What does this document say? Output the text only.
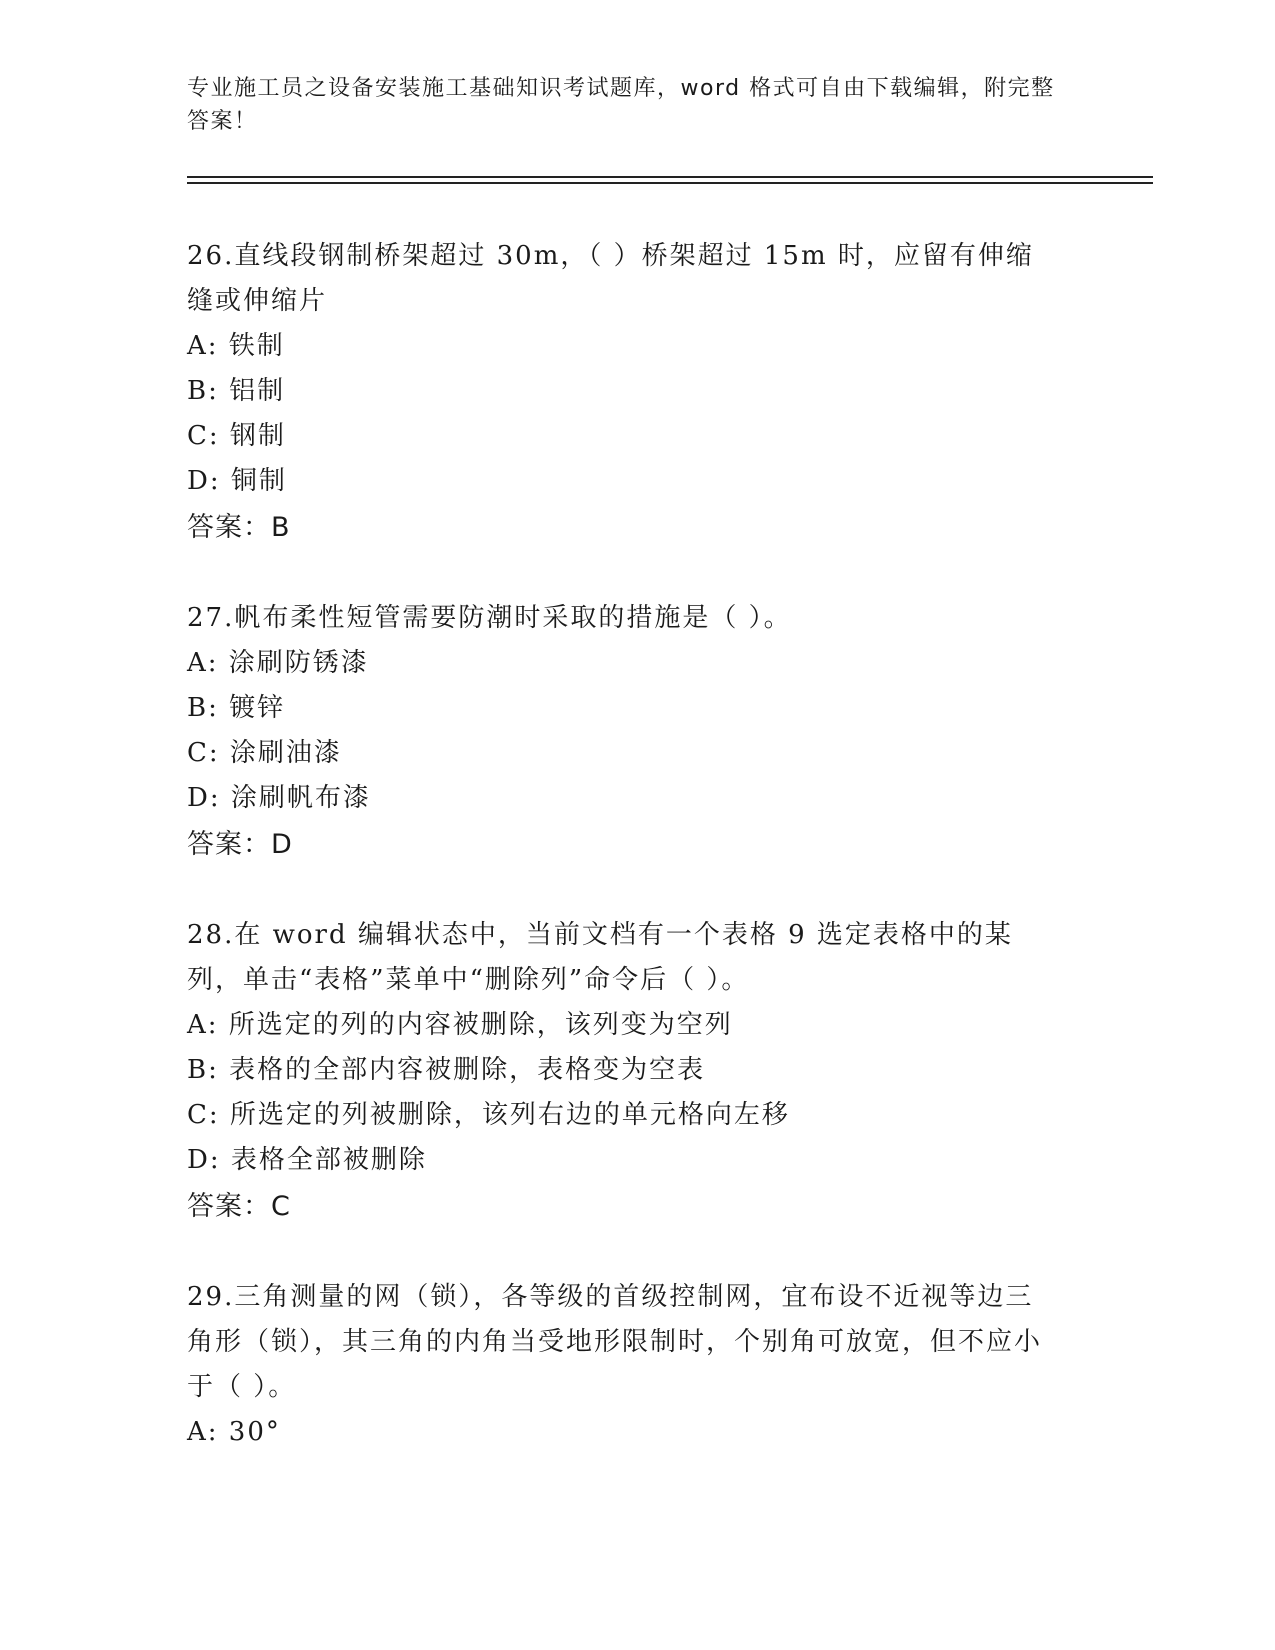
专业施工员之设备安装施工基础知识考试题库，word 格式可自由下载编辑，附完整答案！

26.直线段钢制桥架超过 30m，（ ）桥架超过 15m 时，应留有伸缩缝或伸缩片

A: 铁制

B: 铝制

C: 钢制

D: 铜制

答案：B

27.帆布柔性短管需要防潮时采取的措施是（ ）。

A: 涂刷防锈漆

B: 镀锌

C: 涂刷油漆

D: 涂刷帆布漆

答案：D

28.在 word 编辑状态中，当前文档有一个表格 9 选定表格中的某列，单击“表格”菜单中“删除列”命令后（ ）。

A: 所选定的列的内容被删除，该列变为空列

B: 表格的全部内容被删除，表格变为空表

C: 所选定的列被删除，该列右边的单元格向左移

D: 表格全部被删除

答案：C

29.三角测量的网（锁），各等级的首级控制网，宜布设不近视等边三角形（锁），其三角的内角当受地形限制时，个别角可放宽，但不应小于（ ）。

A: 30°
